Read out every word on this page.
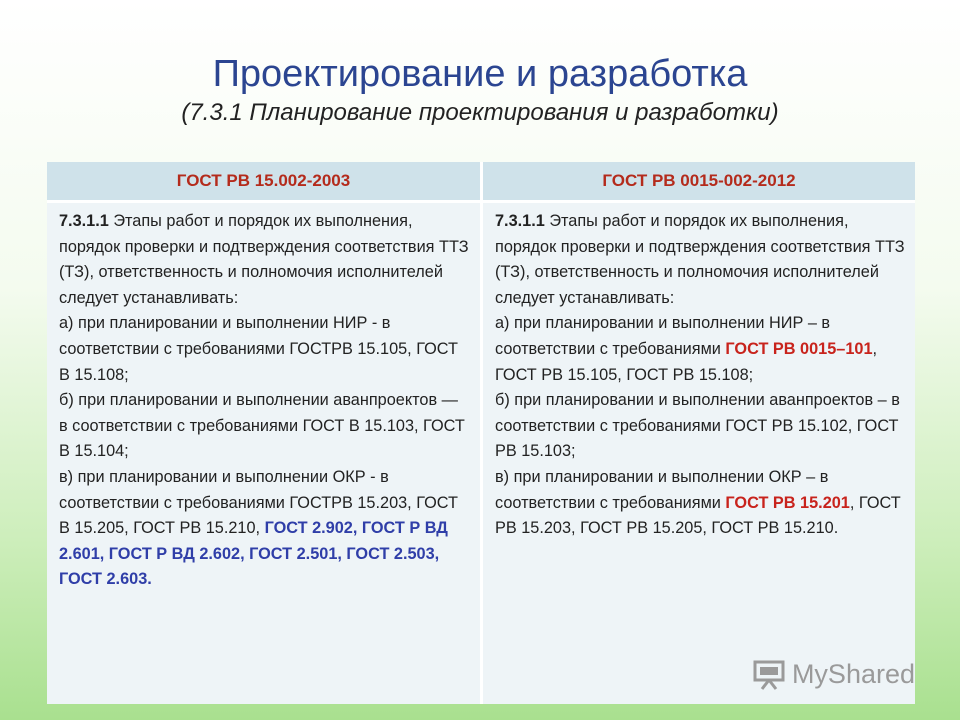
Проектирование и разработка
(7.3.1 Планирование проектирования и разработки)
ГОСТ РВ 15.002-2003	ГОСТ РВ 0015-002-2012

7.3.1.1 Этапы работ и порядок их выполнения, порядок проверки и подтверждения соответствия ТТЗ (ТЗ), ответственность и полномочия исполнителей следует устанавливать:

а) при планировании и выполнении НИР - в соответствии с требованиями ГОСТРВ 15.105, ГОСТ В 15.108;

б) при планировании и выполнении аванпроектов — в соответствии с требованиями ГОСТ В 15.103, ГОСТ В 15.104;

в) при планировании и выполнении ОКР - в соответствии с требованиями ГОСТРВ 15.203, ГОСТ В 15.205, ГОСТ РВ 15.210, ГОСТ 2.902, ГОСТ Р ВД 2.601, ГОСТ Р ВД 2.602, ГОСТ 2.501, ГОСТ 2.503, ГОСТ 2.603.

7.3.1.1 Этапы работ и порядок их выполнения, порядок проверки и подтверждения соответствия ТТЗ (ТЗ), ответственность и полномочия исполнителей следует устанавливать:

а) при планировании и выполнении НИР – в соответствии с требованиями ГОСТ РВ 0015–101, ГОСТ РВ 15.105, ГОСТ РВ 15.108;

б) при планировании и выполнении аванпроектов – в соответствии с требованиями ГОСТ РВ 15.102, ГОСТ РВ 15.103;

в) при планировании и выполнении ОКР – в соответствии с требованиями ГОСТ РВ 15.201, ГОСТ РВ 15.203, ГОСТ РВ 15.205, ГОСТ РВ 15.210.

MyShared
